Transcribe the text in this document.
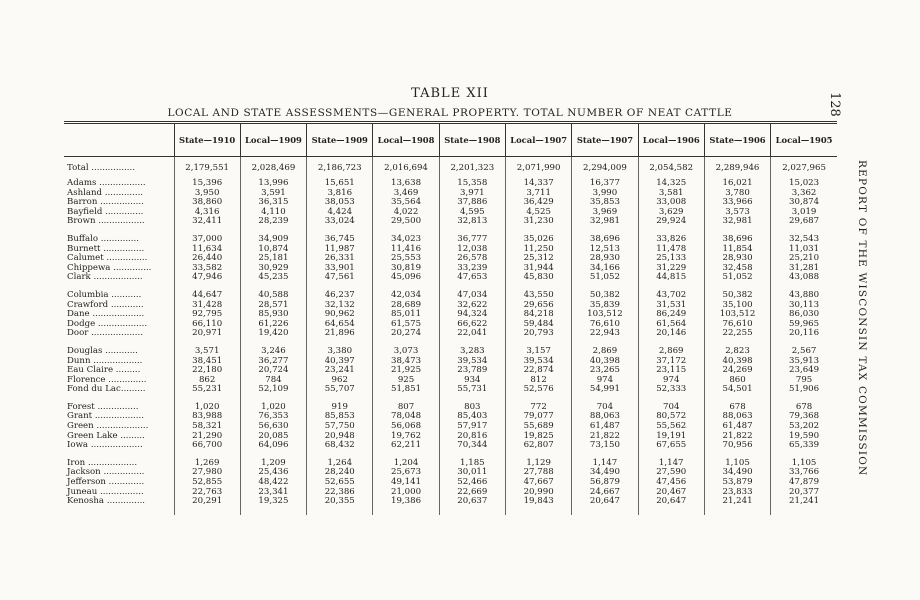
TABLE XII
LOCAL AND STATE ASSESSMENTS—GENERAL PROPERTY. TOTAL NUMBER OF NEAT CATTLE	128
REPORT OF THE WISCONSIN TAX COMMISSION
	State—1910	Local—1909	State—1909	Local—1908	State—1908	Local—1907	State—1907	Local—1906	State—1906	Local—1905

Total ................	2,179,551	2,028,469	2,186,723	2,016,694	2,201,323	2,071,990	2,294,009	2,054,582	2,289,946	2,027,965

Adams .................	15,396	13,996	15,651	13,638	15,358	14,337	16,377	14,325	16,021	15,023
Ashland ..............	3,950	3,591	3,816	3,469	3,971	3,711	3,990	3,581	3,780	3,362
Barron ................	38,860	36,315	38,053	35,564	37,886	36,429	35,853	33,008	33,966	30,874
Bayfield ..............	4,316	4,110	4,424	4,022	4,595	4,525	3,969	3,629	3,573	3,019
Brown .................	32,411	28,239	33,024	29,500	32,813	31,230	32,981	29,924	32,981	29,687

Buffalo ..............	37,000	34,909	36,745	34,023	36,777	35,026	38,696	33,826	38,696	32,543
Burnett ...............	11,634	10,874	11,987	11,416	12,038	11,250	12,513	11,478	11,854	11,031
Calumet ...............	26,440	25,181	26,331	25,553	26,578	25,312	28,930	25,133	28,930	25,210
Chippewa ..............	33,582	30,929	33,901	30,819	33,239	31,944	34,166	31,229	32,458	31,281
Clark ..................	47,946	45,235	47,561	45,096	47,653	45,830	51,052	44,815	51,052	43,088

Columbia ...........	44,647	40,588	46,237	42,034	47,034	43,550	50,382	43,702	50,382	43,880
Crawford ............	31,428	28,571	32,132	28,689	32,622	29,656	35,839	31,531	35,100	30,113
Dane ...................	92,795	85,930	90,962	85,011	94,324	84,218	103,512	86,249	103,512	86,030
Dodge ..................	66,110	61,226	64,654	61,575	66,622	59,484	76,610	61,564	76,610	59,965
Door ...................	20,971	19,420	21,896	20,274	22,041	20,793	22,943	20,146	22,255	20,116

Douglas ............	3,571	3,246	3,380	3,073	3,283	3,157	2,869	2,869	2,823	2,567
Dunn ..................	38,451	36,277	40,397	38,473	39,534	39,534	40,398	37,172	40,398	35,913
Eau Claire .........	22,180	20,724	23,241	21,925	23,789	22,874	23,265	23,115	24,269	23,649
Florence ..............	862	784	962	925	934	812	974	974	860	795
Fond du Lac.........	55,231	52,109	55,707	51,851	55,731	52,576	54,991	52,333	54,501	51,906

Forest ...............	1,020	1,020	919	807	803	772	704	704	678	678
Grant ..................	83,988	76,353	85,853	78,048	85,403	79,077	88,063	80,572	88,063	79,368
Green ...................	58,321	56,630	57,750	56,068	57,917	55,689	61,487	55,562	61,487	53,202
Green Lake .........	21,290	20,085	20,948	19,762	20,816	19,825	21,822	19,191	21,822	19,590
Iowa ...................	66,700	64,096	68,432	62,211	70,344	62,807	73,150	67,655	70,956	65,339

Iron ..................	1,269	1,209	1,264	1,204	1,185	1,129	1,147	1,147	1,105	1,105
Jackson ...............	27,980	25,436	28,240	25,673	30,011	27,788	34,490	27,590	34,490	33,766
Jefferson .............	52,855	48,422	52,655	49,141	52,466	47,667	56,879	47,456	53,879	47,879
Juneau ................	22,763	23,341	22,386	21,000	22,669	20,990	24,667	20,467	23,833	20,377
Kenosha ..............	20,291	19,325	20,355	19,386	20,637	19,843	20,647	20,647	21,241	21,241
